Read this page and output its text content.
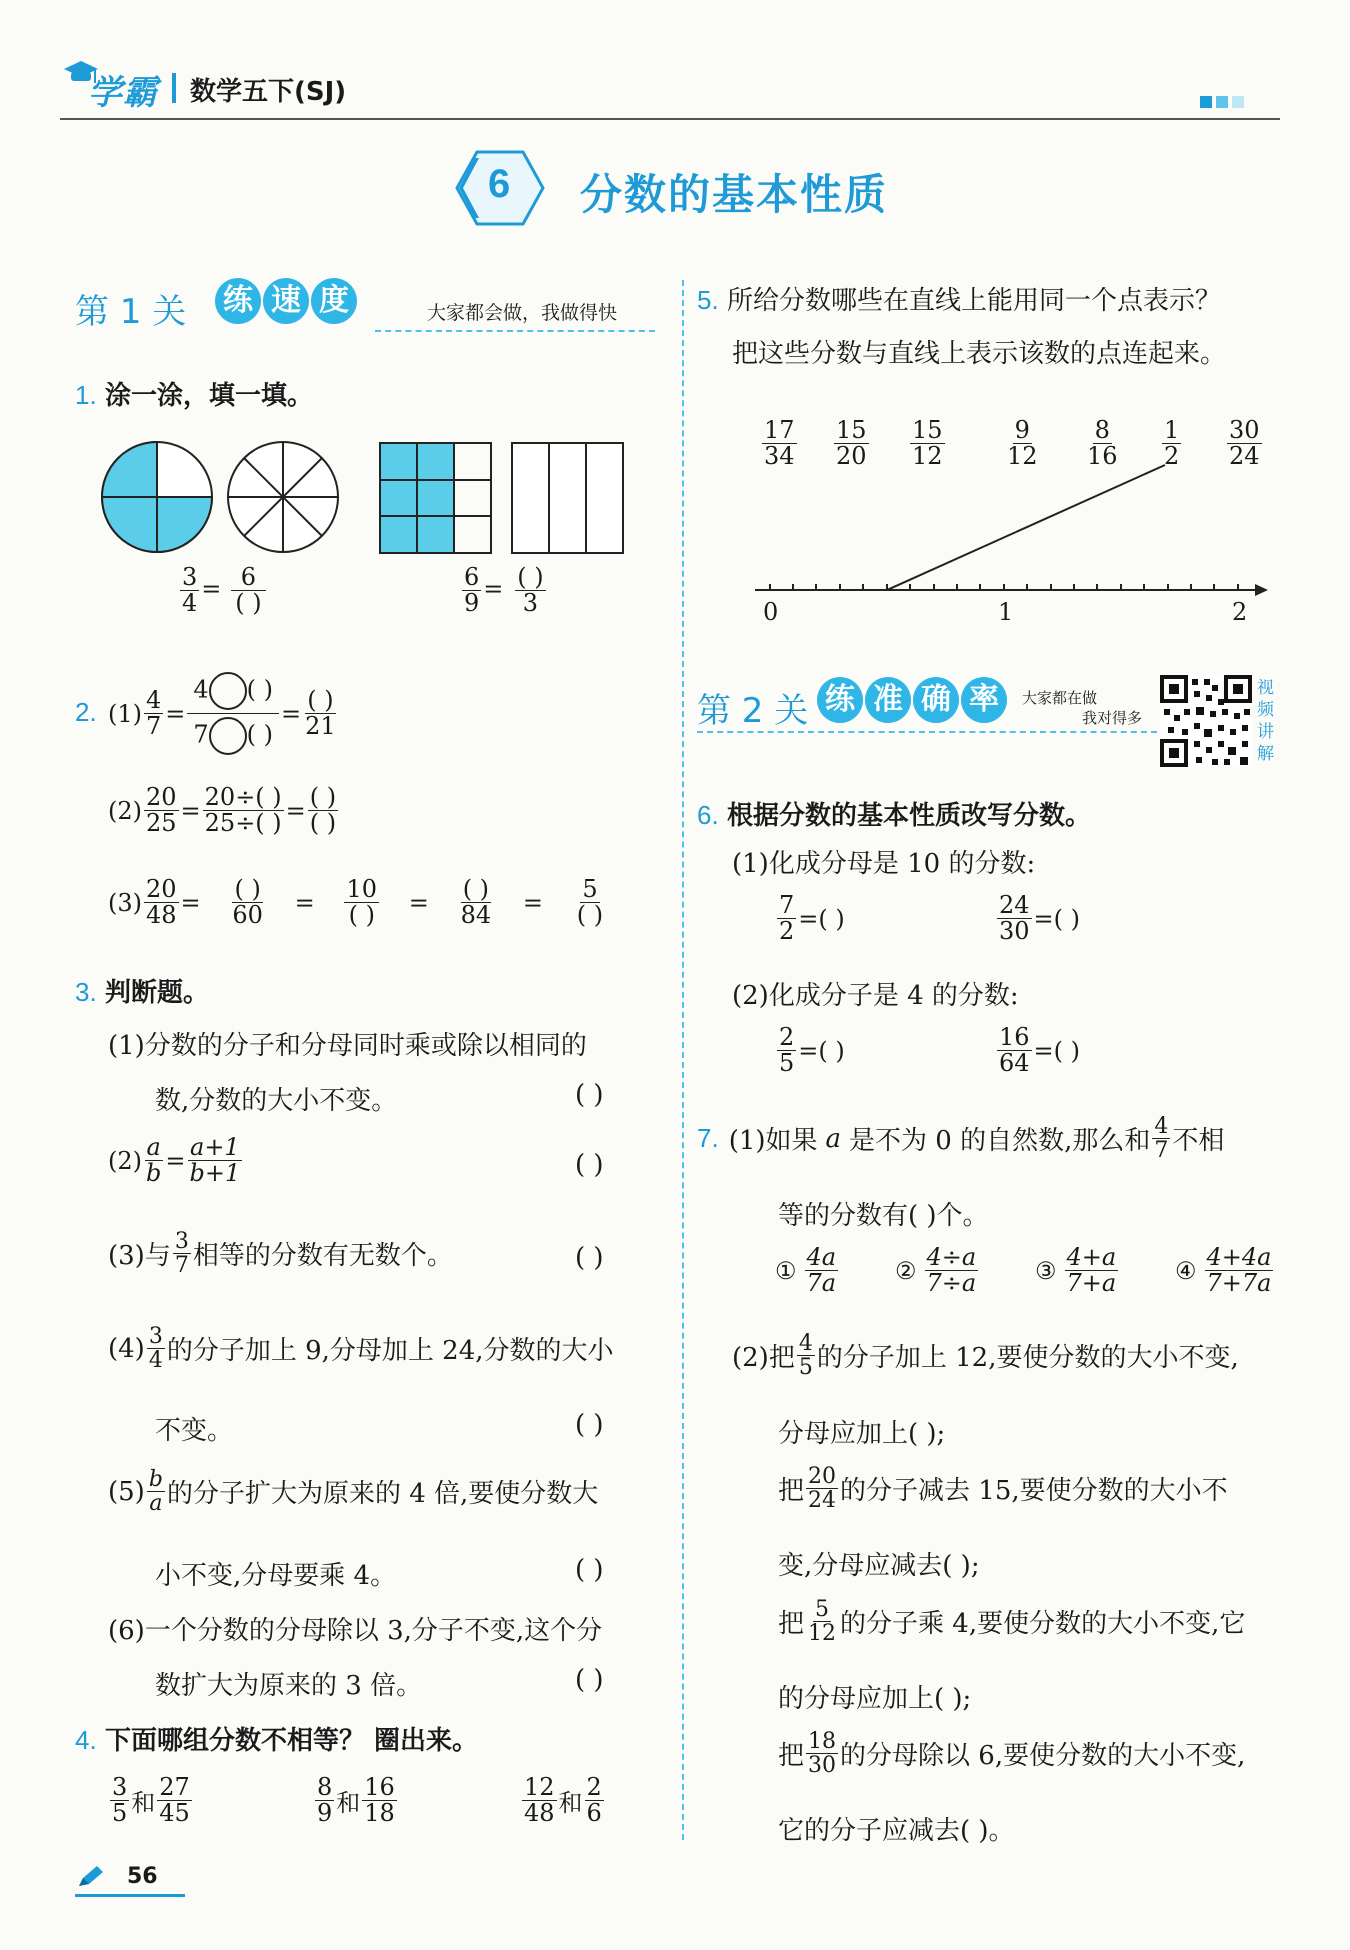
学霸 数学五下(SJ)
6 分数的基本性质
第 1 关 练 速 度	大家都会做，我做得快
1. 涂一涂，填一填。
$\frac{3}{4} = \frac{6}{( )}$	$\frac{6}{9} = \frac{( )}{3}$
2. $(1) \frac{4}{7} = \frac{4 ( )}{7 ( )} = \frac{( )}{21}$
$(2) \frac{20}{25} = \frac{20\div( )}{25\div( )} = \frac{( )}{( )}$
$(3) \frac{20}{48} = \frac{( )}{60} = \frac{10}{( )} = \frac{( )}{84} = \frac{5}{( )}$
3. 判断题。
(1)分数的分子和分母同时乘或除以相同的
数,分数的大小不变。	( )
$(2) \frac{a}{b} = \frac{a+1}{b+1}$	( )
(3)与 $\frac{3}{7}$ 相等的分数有无数个。	( )
$(4) \frac{3}{4}$ 的分子加上 9,分母加上 24,分数的大小
不变。	( )
$(5) \frac{b}{a}$ 的分子扩大为原来的 4 倍,要使分数大
小不变,分母要乘 4。	( )
(6)一个分数的分母除以 3,分子不变,这个分
数扩大为原来的 3 倍。	( )
4. 下面哪组分数不相等？ 圈出来。
$\frac{3}{5}$ 和 $\frac{27}{45}$	$\frac{8}{9}$ 和 $\frac{16}{18}$	$\frac{12}{48}$ 和 $\frac{2}{6}$
5. 所给分数哪些在直线上能用同一个点表示？
把这些分数与直线上表示该数的点连起来。
$\frac{17}{34} \frac{15}{20} \frac{15}{12}$	$\frac{9}{12} \frac{8}{16} \frac{1}{2} \frac{30}{24}$
0	1	2
第 2 关 练 准 确 率	大家都在做
我对得多
视
频
讲
解
6. 根据分数的基本性质改写分数。
(1)化成分母是 10 的分数:
$\frac{7}{2}$ =( )	$\frac{24}{30}$ =( )
(2)化成分子是 4 的分数:
$\frac{2}{5}$ =( )	$\frac{16}{64}$ =( )
7. (1)如果 a 是不为 0 的自然数,那么和 $\frac{4}{7}$ 不相
等的分数有( )个。
① $\frac{4a}{7a}$ ② $\frac{4\div a}{7\div a}$ ③ $\frac{4+a}{7+a}$ ④ $\frac{4+4a}{7+7a}$
(2)把 $\frac{4}{5}$ 的分子加上 12,要使分数的大小不变,
分母应加上( );
把 $\frac{20}{24}$ 的分子减去 15,要使分数的大小不
变,分母应减去( );
把 $\frac{5}{12}$ 的分子乘 4,要使分数的大小不变,它
的分母应加上( );
把 $\frac{18}{30}$ 的分母除以 6,要使分数的大小不变,
它的分子应减去( )。
56
